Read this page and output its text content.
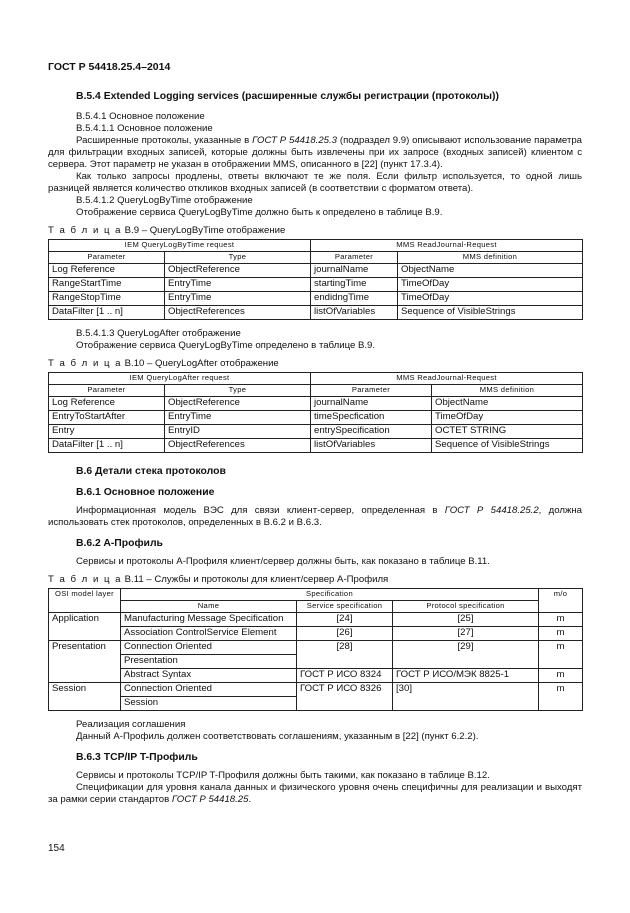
ГОСТ Р 54418.25.4–2014
B.5.4 Extended Logging services (расширенные службы регистрации (протоколы))

B.5.4.1 Основное положение

B.5.4.1.1 Основное положение

Расширенные протоколы, указанные в ГОСТ Р 54418.25.3 (подраздел 9.9) описывают использование параметра для фильтрации входных записей, которые должны быть извлечены при их запросе (входных записей) клиентом с сервера. Этот параметр не указан в отображении MMS, описанного в [22] (пункт 17.3.4).

Как только запросы продлены, ответы включают те же поля. Если фильтр используется, то одной лишь разницей является количество откликов входных записей (в соответствии с форматом ответа).

B.5.4.1.2 QueryLogByTime отображение

Отображение сервиса QueryLogByTime должно быть к определено в таблице B.9.

Т а б л и ц а B.9 – QueryLogByTime отображение
IEM QueryLogByTime request		MMS ReadJournal-Request	
Parameter	Type	Parameter	MMS definition
Log Reference	ObjectReference	journalName	ObjectName
RangeStartTime	EntryTime	startingTime	TimeOfDay
RangeStopTime	EntryTime	endidngTime	TimeOfDay
DataFilter [1 .. n]	ObjectReferences	listOfVariables	Sequence of VisibleStrings

B.5.4.1.3 QueryLogAfter отображение

Отображение сервиса QueryLogByTime определено в таблице B.9.

Т а б л и ц а B.10 – QueryLogAfter отображение
IEM QueryLogAfter request		MMS ReadJournal-Request	
Parameter	Type	Parameter	MMS definition
Log Reference	ObjectReference	journalName	ObjectName
EntryToStartAfter	EntryTime	timeSpecfication	TimeOfDay
Entry	EntryID	entrySpecification	OCTET STRING
DataFilter [1 .. n]	ObjectReferences	listOfVariables	Sequence of VisibleStrings
B.6 Детали стека протоколов
B.6.1 Основное положение

Информационная модель ВЭС для связи клиент-сервер, определенная в ГОСТ Р 54418.25.2, должна использовать стек протоколов, определенных в B.6.2 и B.6.3.

B.6.2 A-Профиль

Сервисы и протоколы A-Профиля клиент/сервер должны быть, как показано в таблице B.11.

Т а б л и ц а B.11 – Службы и протоколы для клиент/сервер A-Профиля
OSI model layer	Specification			m/o
	Name	Service specification	Protocol specification	
Application	Manufacturing Message Specification	[24]	[25]	m
	Association ControlService Element	[26]	[27]	m
Presentation	Connection Oriented	[28]	[29]	m
	Presentation			
	Abstract Syntax	ГОСТ Р ИСО 8324	ГОСТ Р ИСО/МЭК 8825-1	m
Session	Connection Oriented	ГОСТ Р ИСО 8326	[30]	m
	Session			

Реализация соглашения

Данный A-Профиль должен соответствовать соглашениям, указанным в [22] (пункт 6.2.2).

B.6.3 TCP/IP T-Профиль

Сервисы и протоколы TCP/IP T-Профиля должны быть такими, как показано в таблице B.12.

Спецификации для уровня канала данных и физического уровня очень специфичны для реализации и выходят за рамки серии стандартов ГОСТ Р 54418.25.

154
